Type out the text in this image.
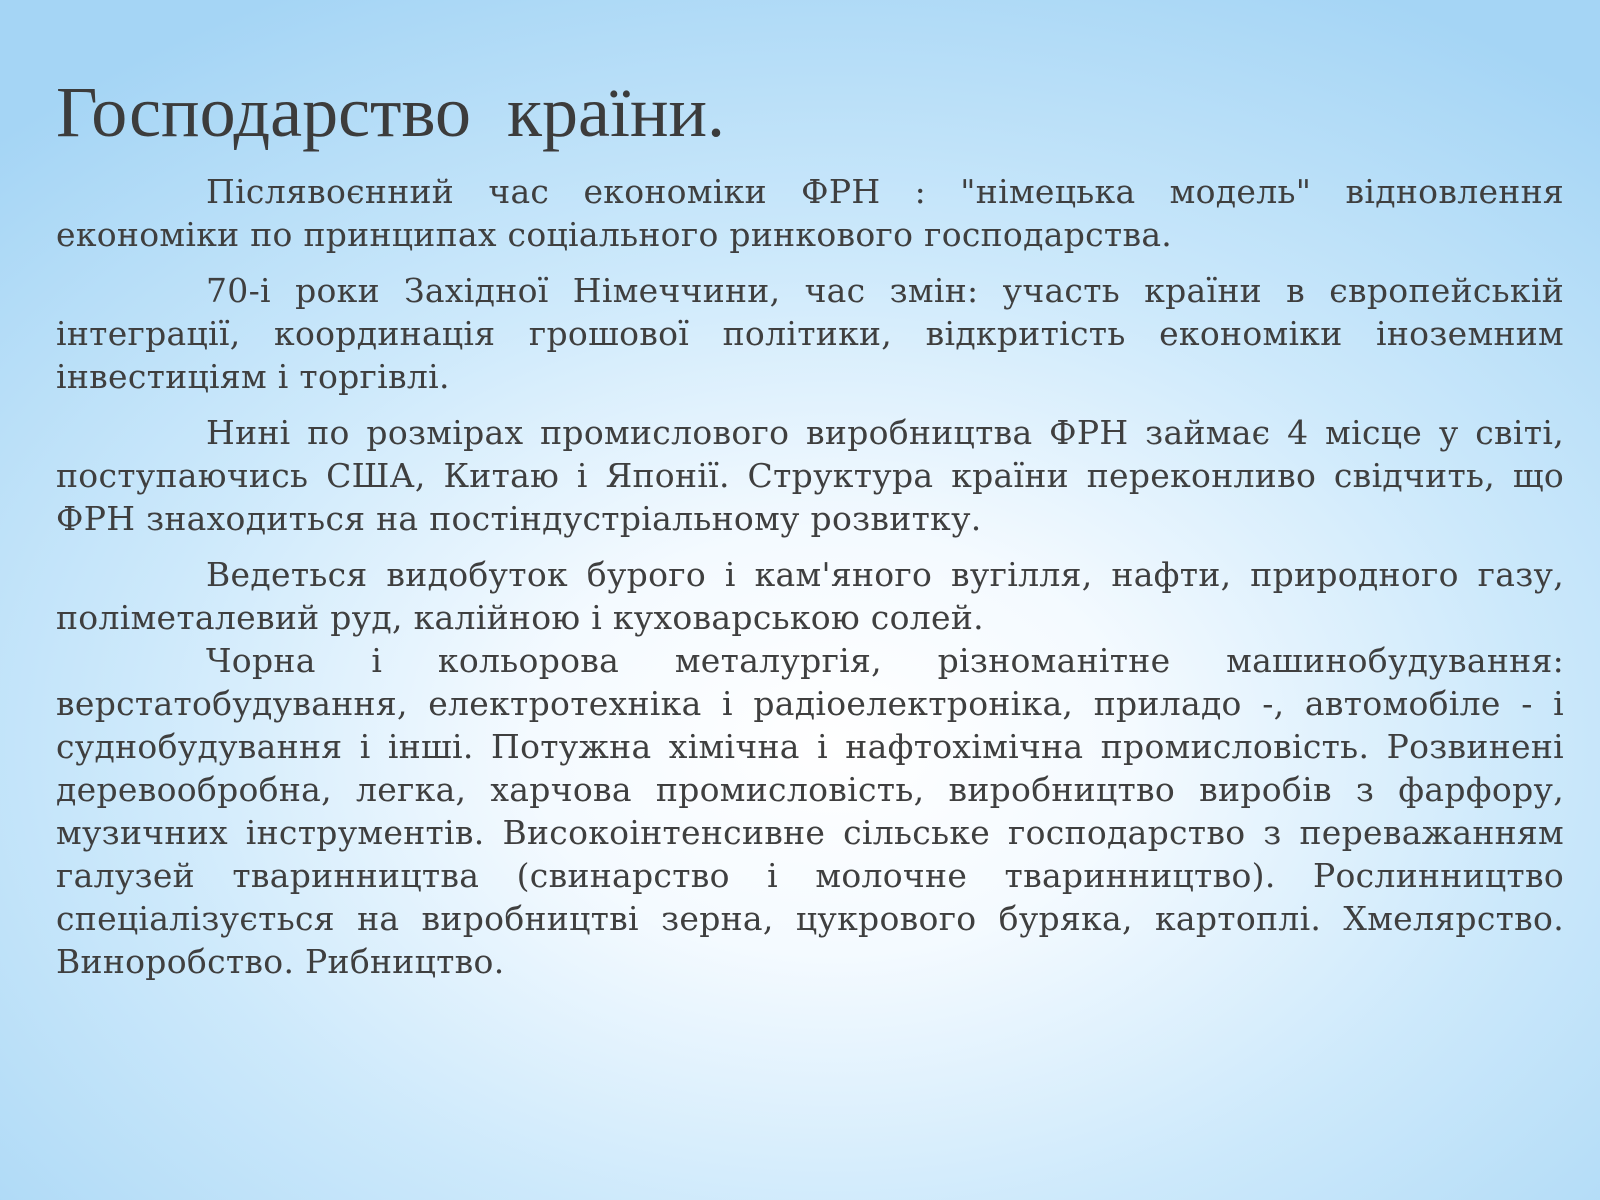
Господарство  країни.

Післявоєнний час економіки ФРН : "німецька модель" відновлення економіки по принципах соціального ринкового господарства.

70-і роки Західної Німеччини, час змін: участь країни в європейській інтеграції, координація грошової політики, відкритість економіки іноземним інвестиціям і торгівлі.

Нині по розмірах промислового виробництва ФРН займає 4 місце у світі, поступаючись США, Китаю і Японії. Структура країни переконливо свідчить, що ФРН знаходиться на постіндустріальному розвитку.

Ведеться видобуток бурого і кам'яного вугілля, нафти, природного газу, поліметалевий руд, калійною і куховарською солей.

Чорна і кольорова металургія, різноманітне машинобудування: верстатобудування, електротехніка і радіоелектроніка, приладо -, автомобіле - і суднобудування і інші. Потужна хімічна і нафтохімічна промисловість. Розвинені деревообробна, легка, харчова промисловість, виробництво виробів з фарфору, музичних інструментів. Високоінтенсивне сільське господарство з переважанням галузей тваринництва (свинарство і молочне тваринництво). Рослинництво спеціалізується на виробництві зерна, цукрового буряка, картоплі. Хмелярство. Виноробство. Рибництво.
